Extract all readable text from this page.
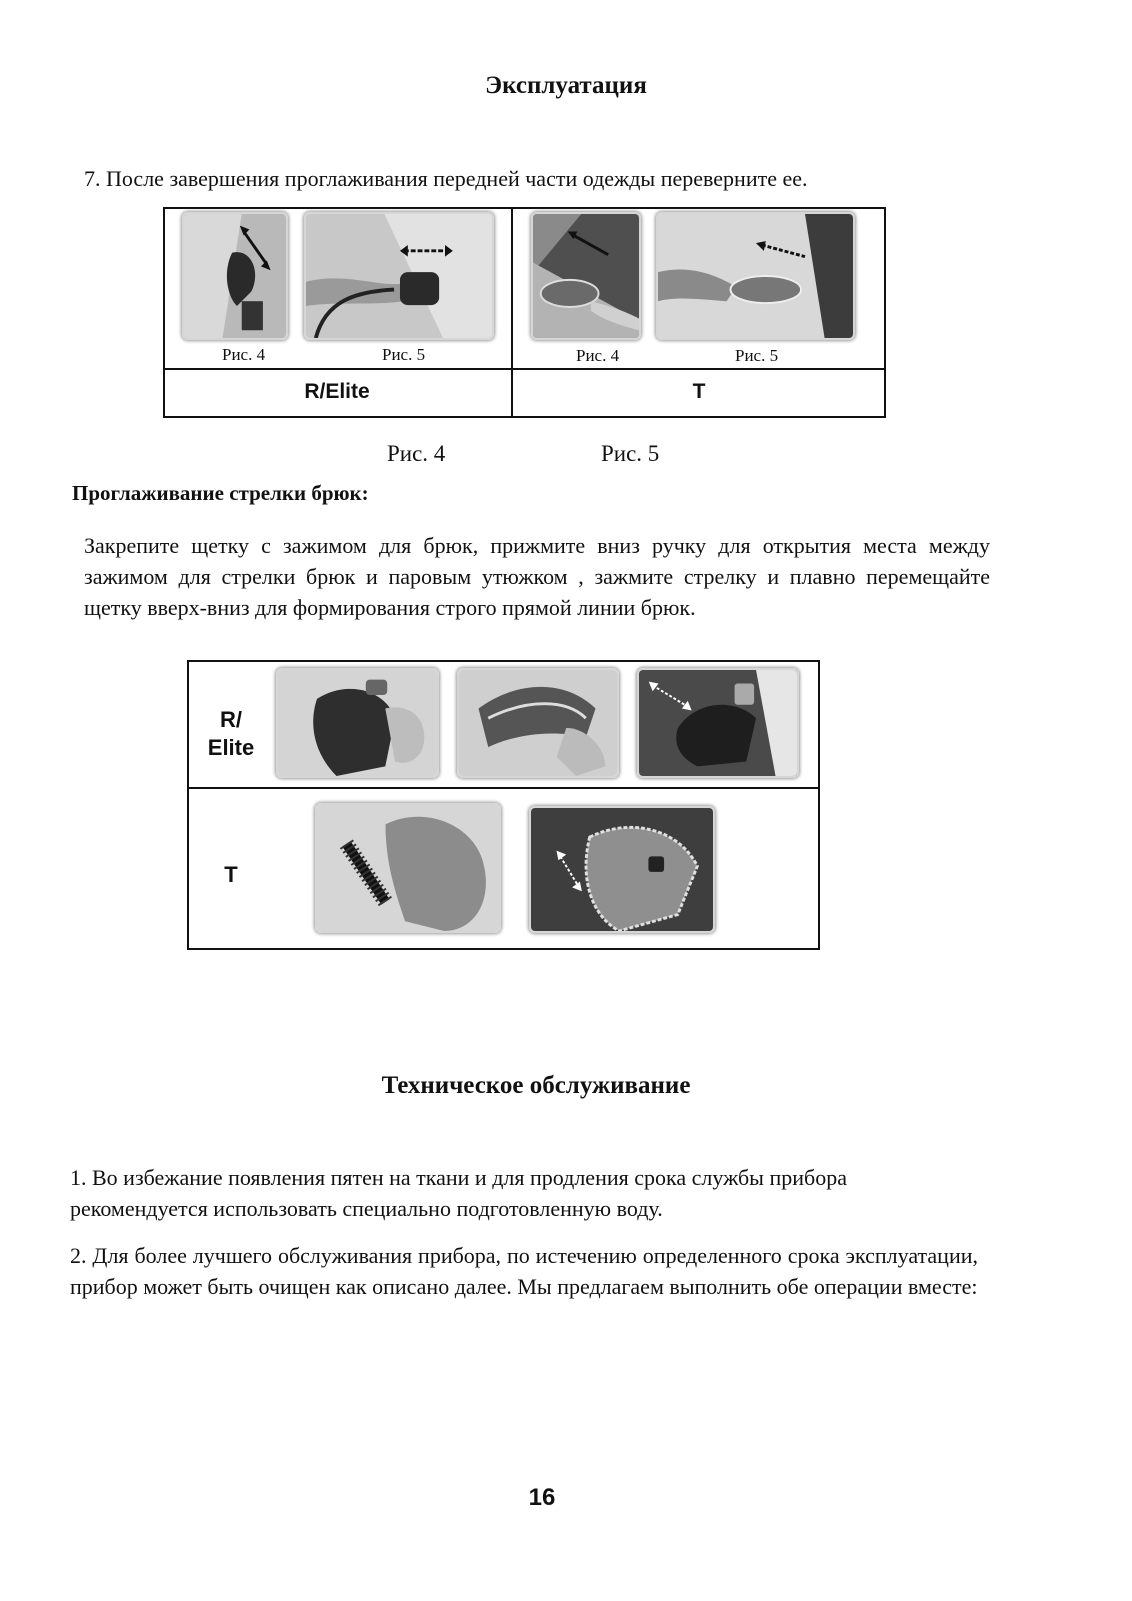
Эксплуатация
7. После завершения проглаживания передней части одежды переверните ее.
Рис. 4	Рис. 5	Рис. 4	Рис. 5
R/Elite	T
Рис. 4	Рис. 5
Проглаживание стрелки брюк:
Закрепите щетку с зажимом для брюк, прижмите вниз ручку для открытия места между зажимом для стрелки брюк и паровым утюжком , зажмите стрелку и плавно перемещайте щетку вверх-вниз для формирования строго прямой линии брюк.
R/
Elite
T
Техническое обслуживание
1. Во избежание появления пятен на ткани и для продления срока службы прибора рекомендуется использовать специально подготовленную воду.
2. Для более лучшего обслуживания прибора, по истечению определенного срока эксплуатации, прибор может быть очищен как описано далее. Мы предлагаем выполнить обе операции вместе:
16
